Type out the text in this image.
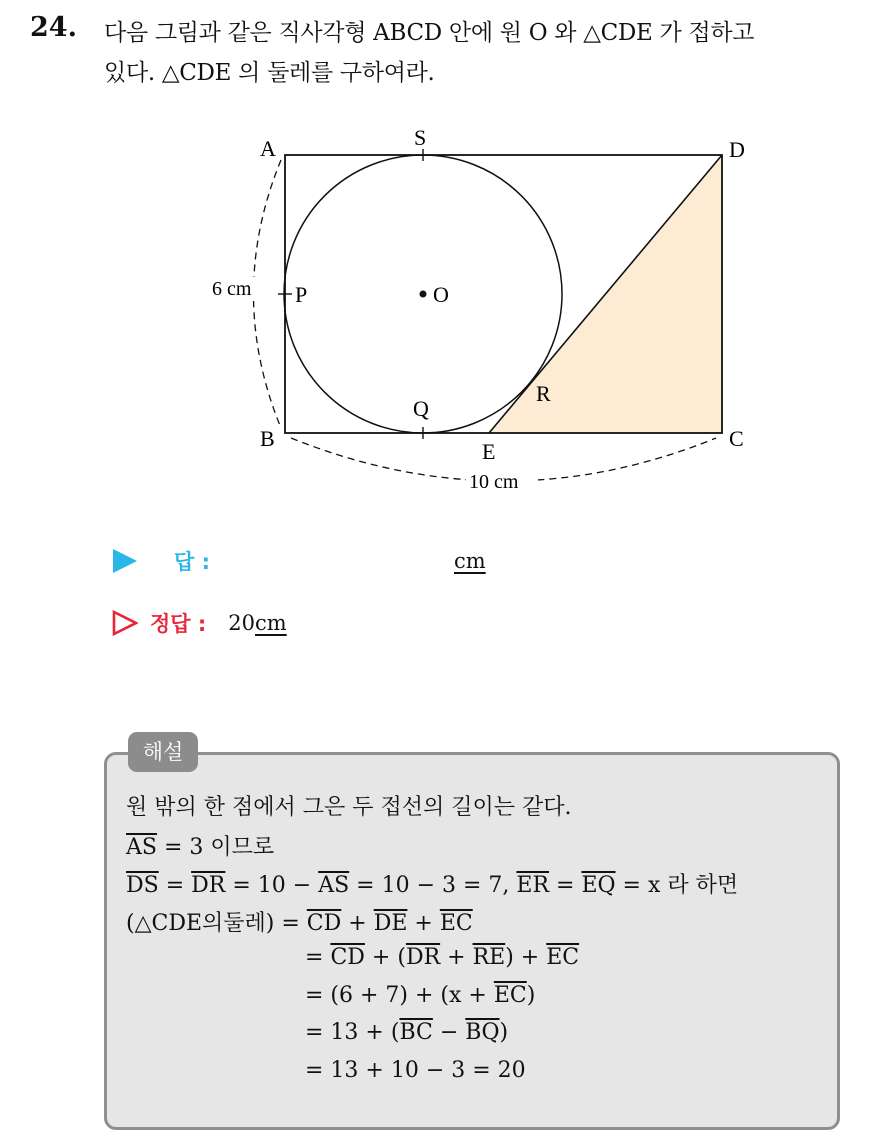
24. 다음 그림과 같은 직사각형 ABCD 안에 원 O 와 △CDE 가 접하고
있다. △CDE 의 둘레를 구하여라.
A	D
B	C
E
S
P
Q
R
O
6 cm
10 cm
답 :	cm
정답 : 20cm
해설
원 밖의 한 점에서 그은 두 접선의 길이는 같다.
$\overline{AS} = 3$ 이므로
$\overline{DS} = \overline{DR} = 10 - \overline{AS} = 10 - 3 = 7$, $\overline{ER} = \overline{EQ} = x$ 라 하면
(△CDE의둘레) = $\overline{CD} + \overline{DE} + \overline{EC}$
= $\overline{CD} + (\overline{DR} + \overline{RE}) + \overline{EC}$
= $(6 + 7) + (x + \overline{EC})$
= $13 + (\overline{BC} - \overline{BQ})$
= 13 + 10 − 3 = 20
